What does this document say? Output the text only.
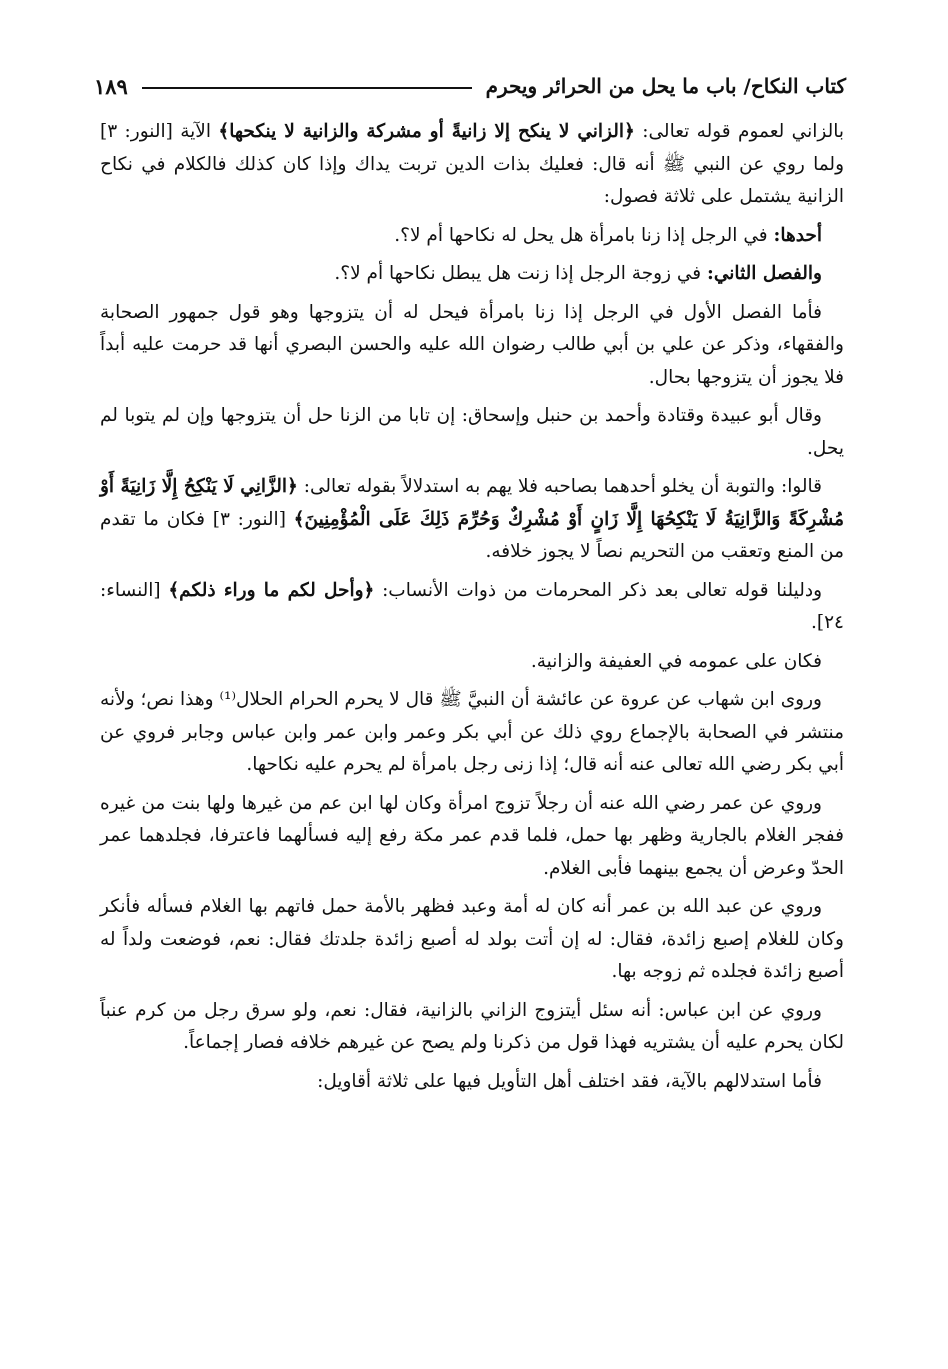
كتاب النكاح/ باب ما يحل من الحرائر ويحرم
١٨٩

بالزاني لعموم قوله تعالى: ﴿الزاني لا ينكح إلا زانيةً أو مشركة والزانية لا ينكحها﴾ الآية [النور: ٣] ولما روي عن النبي ﷺ أنه قال: فعليك بذات الدين تربت يداك وإذا كان كذلك فالكلام في نكاح الزانية يشتمل على ثلاثة فصول:

أحدها: في الرجل إذا زنا بامرأة هل يحل له نكاحها أم لا؟.

والفصل الثاني: في زوجة الرجل إذا زنت هل يبطل نكاحها أم لا؟.

فأما الفصل الأول في الرجل إذا زنا بامرأة فيحل له أن يتزوجها وهو قول جمهور الصحابة والفقهاء، وذكر عن علي بن أبي طالب رضوان الله عليه والحسن البصري أنها قد حرمت عليه أبداً فلا يجوز أن يتزوجها بحال.

وقال أبو عبيدة وقتادة وأحمد بن حنبل وإسحاق: إن تابا من الزنا حل أن يتزوجها وإن لم يتوبا لم يحل.

قالوا: والتوبة أن يخلو أحدهما بصاحبه فلا يهم به استدلالاً بقوله تعالى: ﴿الزَّانِي لَا يَنْكِحُ إِلَّا زَانِيَةً أَوْ مُشْرِكَةً وَالزَّانِيَةُ لَا يَنْكِحُهَا إِلَّا زَانٍ أَوْ مُشْرِكٌ وَحُرِّمَ ذَلِكَ عَلَى الْمُؤْمِنِينَ﴾ [النور: ٣] فكان ما تقدم من المنع وتعقب من التحريم نصاً لا يجوز خلافه.

ودليلنا قوله تعالى بعد ذكر المحرمات من ذوات الأنساب: ﴿وأحل لكم ما وراء ذلكم﴾ [النساء: ٢٤].

فكان على عمومه في العفيفة والزانية.

وروى ابن شهاب عن عروة عن عائشة أن النبيَّ ﷺ قال لا يحرم الحرام الحلال⁽¹⁾ وهذا نص؛ ولأنه منتشر في الصحابة بالإجماع روي ذلك عن أبي بكر وعمر وابن عمر وابن عباس وجابر فروي عن أبي بكر رضي الله تعالى عنه أنه قال؛ إذا زنى رجل بامرأة لم يحرم عليه نكاحها.

وروي عن عمر رضي الله عنه أن رجلاً تزوج امرأة وكان لها ابن عم من غيرها ولها بنت من غيره ففجر الغلام بالجارية وظهر بها حمل، فلما قدم عمر مكة رفع إليه فسألهما فاعترفا، فجلدهما عمر الحدّ وعرض أن يجمع بينهما فأبى الغلام.

وروي عن عبد الله بن عمر أنه كان له أمة وعبد فظهر بالأمة حمل فاتهم بها الغلام فسأله فأنكر وكان للغلام إصبع زائدة، فقال: له إن أتت بولد له أصبع زائدة جلدتك فقال: نعم، فوضعت ولداً له أصبع زائدة فجلده ثم زوجه بها.

وروي عن ابن عباس: أنه سئل أيتزوج الزاني بالزانية، فقال: نعم، ولو سرق رجل من كرم عنباً لكان يحرم عليه أن يشتريه فهذا قول من ذكرنا ولم يصح عن غيرهم خلافه فصار إجماعاً.

فأما استدلالهم بالآية، فقد اختلف أهل التأويل فيها على ثلاثة أقاويل:
